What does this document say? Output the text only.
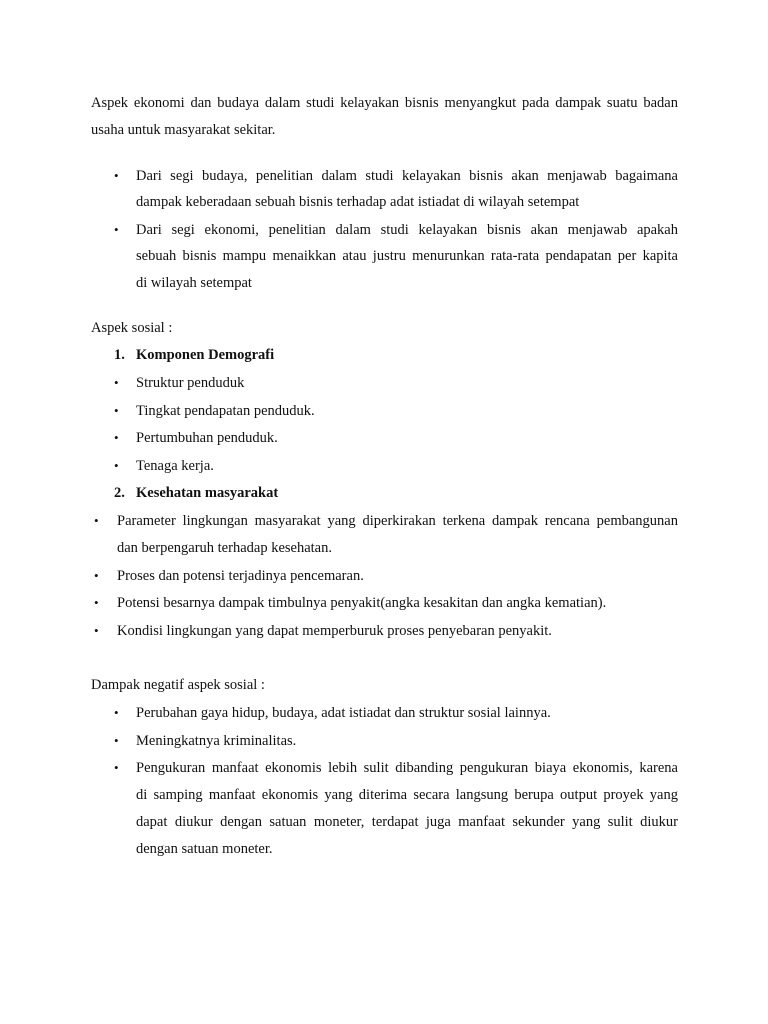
Aspek ekonomi dan budaya dalam studi kelayakan bisnis menyangkut pada dampak suatu badan
usaha untuk masyarakat sekitar.
• Dari segi budaya, penelitian dalam studi kelayakan bisnis akan menjawab bagaimana
dampak keberadaan sebuah bisnis terhadap adat istiadat di wilayah setempat
• Dari segi ekonomi, penelitian dalam studi kelayakan bisnis akan menjawab apakah
sebuah bisnis mampu menaikkan atau justru menurunkan rata-rata pendapatan per kapita
di wilayah setempat
Aspek sosial :
1. Komponen Demografi
• Struktur penduduk
• Tingkat pendapatan penduduk.
• Pertumbuhan penduduk.
• Tenaga kerja.
2. Kesehatan masyarakat
• Parameter lingkungan masyarakat yang diperkirakan terkena dampak rencana pembangunan
dan berpengaruh terhadap kesehatan.
• Proses dan potensi terjadinya pencemaran.
• Potensi besarnya dampak timbulnya penyakit(angka kesakitan dan angka kematian).
• Kondisi lingkungan yang dapat memperburuk proses penyebaran penyakit.
Dampak negatif aspek sosial :
• Perubahan gaya hidup, budaya, adat istiadat dan struktur sosial lainnya.
• Meningkatnya kriminalitas.
• Pengukuran manfaat ekonomis lebih sulit dibanding pengukuran biaya ekonomis, karena
di samping manfaat ekonomis yang diterima secara langsung berupa output proyek yang
dapat diukur dengan satuan moneter, terdapat juga manfaat sekunder yang sulit diukur
dengan satuan moneter.
